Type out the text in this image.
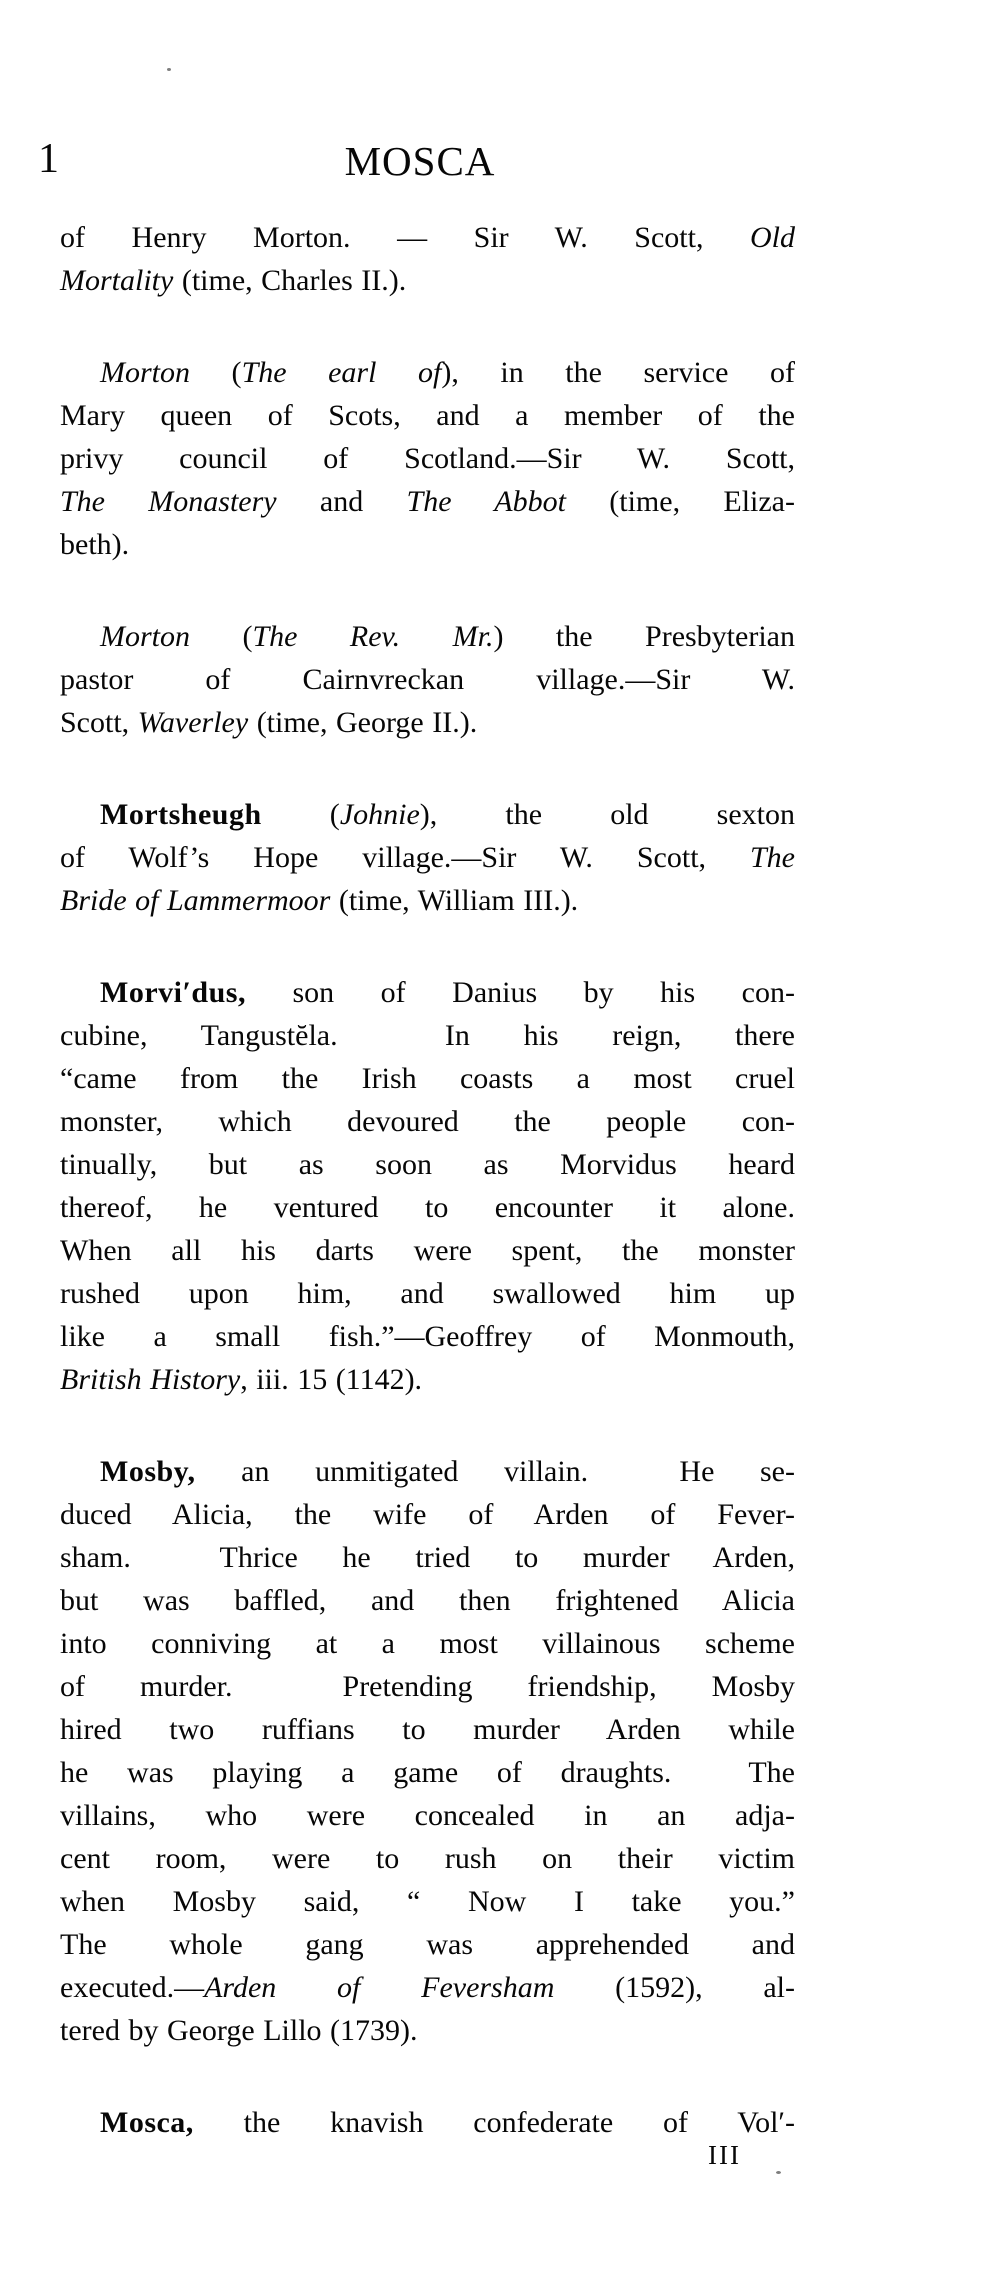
1	MOSCA

of Henry Morton. — Sir W. Scott, Old
Mortality (time, Charles II.).

Morton (The earl of), in the service of
Mary queen of Scots, and a member of the
privy council of Scotland.—Sir W. Scott,
The Monastery and The Abbot (time, Eliza-
beth).

Morton (The Rev. Mr.) the Presbyterian
pastor of Cairnvreckan village.—Sir W.
Scott, Waverley (time, George II.).

Mortsheugh (Johnie), the old sexton
of Wolf’s Hope village.—Sir W. Scott, The
Bride of Lammermoor (time, William III.).

Morvi′dus, son of Danius by his con-
cubine, Tangustĕla.  In his reign, there
“came from the Irish coasts a most cruel
monster, which devoured the people con-
tinually, but as soon as Morvidus heard
thereof, he ventured to encounter it alone.
When all his darts were spent, the monster
rushed upon him, and swallowed him up
like a small fish.”—Geoffrey of Monmouth,
British History, iii. 15 (1142).

Mosby, an unmitigated villain.  He se-
duced Alicia, the wife of Arden of Fever-
sham.  Thrice he tried to murder Arden,
but was baffled, and then frightened Alicia
into conniving at a most villainous scheme
of murder.  Pretending friendship, Mosby
hired two ruffians to murder Arden while
he was playing a game of draughts.  The
villains, who were concealed in an adja-
cent room, were to rush on their victim
when Mosby said, “ Now I take you.”
The whole gang was apprehended and
executed.—Arden of Feversham (1592), al-
tered by George Lillo (1739).

Mosca, the knavish confederate of Vol′-

III
